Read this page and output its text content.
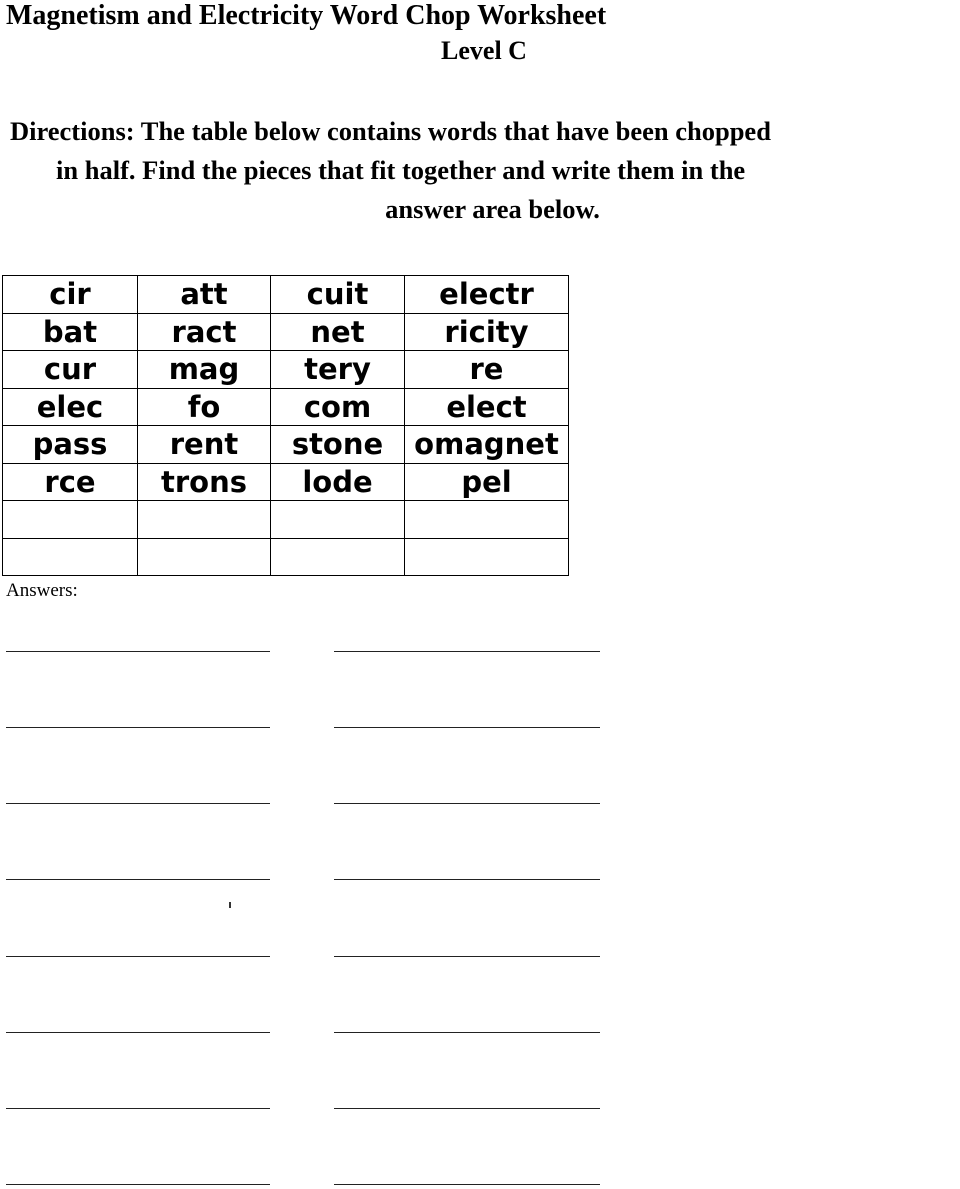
Magnetism and Electricity Word Chop Worksheet
Level C
Directions: The table below contains words that have been chopped
in half. Find the pieces that fit together and write them in the
answer area below.
cir	att	cuit	electr
bat	ract	net	ricity
cur	mag	tery	re
elec	fo	com	elect
pass	rent	stone	omagnet
rce	trons	lode	pel

Answers:
